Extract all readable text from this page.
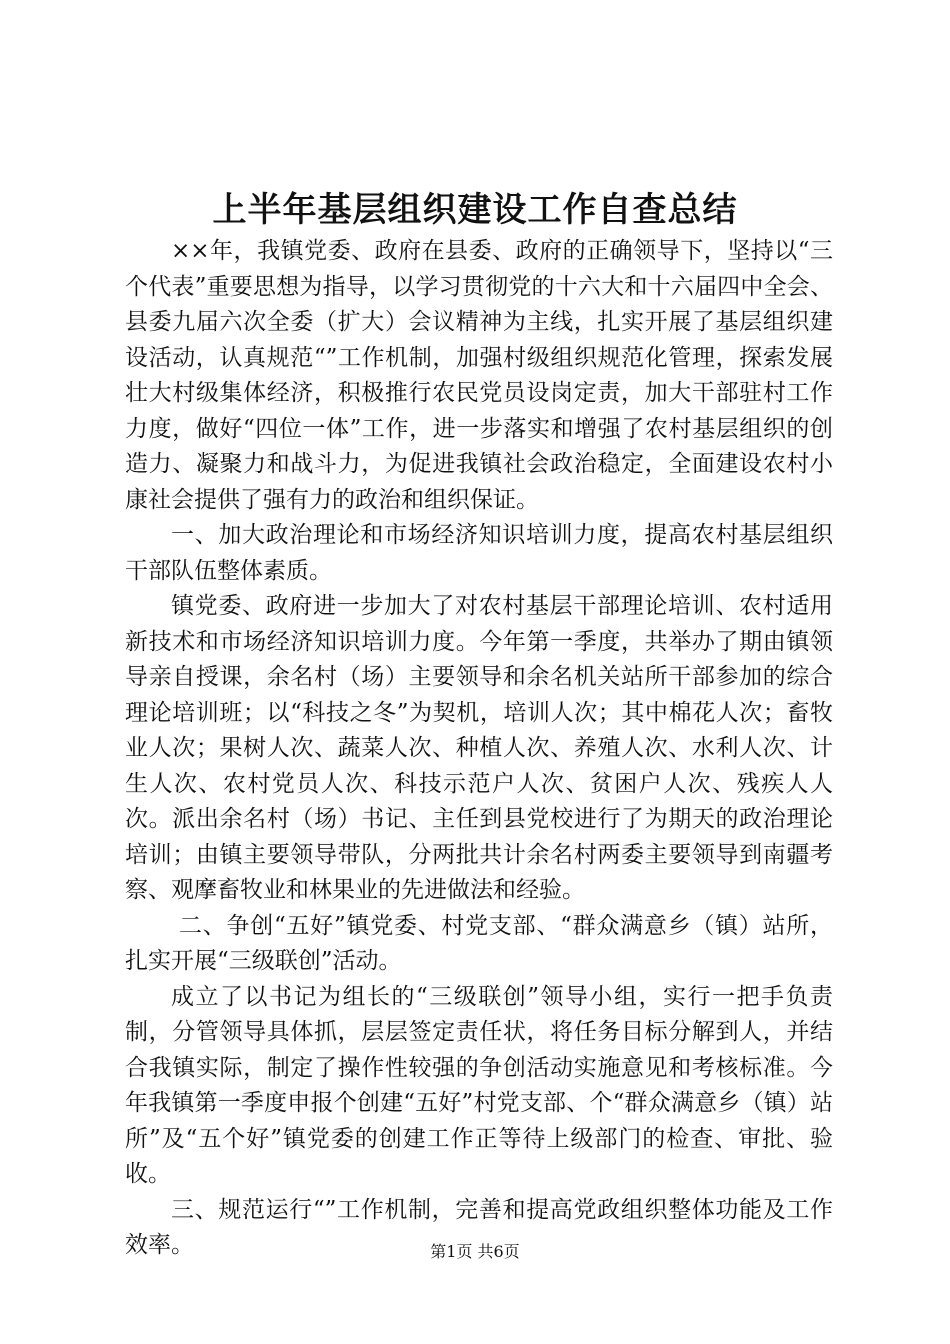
上半年基层组织建设工作自查总结

××年，我镇党委、政府在县委、政府的正确领导下，坚持以“三个代表”重要思想为指导，以学习贯彻党的十六大和十六届四中全会、县委九届六次全委（扩大）会议精神为主线，扎实开展了基层组织建设活动，认真规范“”工作机制，加强村级组织规范化管理，探索发展壮大村级集体经济，积极推行农民党员设岗定责，加大干部驻村工作力度，做好“四位一体”工作，进一步落实和增强了农村基层组织的创造力、凝聚力和战斗力，为促进我镇社会政治稳定，全面建设农村小康社会提供了强有力的政治和组织保证。

一、加大政治理论和市场经济知识培训力度，提高农村基层组织干部队伍整体素质。

镇党委、政府进一步加大了对农村基层干部理论培训、农村适用新技术和市场经济知识培训力度。今年第一季度，共举办了期由镇领导亲自授课，余名村（场）主要领导和余名机关站所干部参加的综合理论培训班；以“科技之冬”为契机，培训人次；其中棉花人次；畜牧业人次；果树人次、蔬菜人次、种植人次、养殖人次、水利人次、计生人次、农村党员人次、科技示范户人次、贫困户人次、残疾人人次。派出余名村（场）书记、主任到县党校进行了为期天的政治理论培训；由镇主要领导带队，分两批共计余名村两委主要领导到南疆考察、观摩畜牧业和林果业的先进做法和经验。

二、争创“五好”镇党委、村党支部、“群众满意乡（镇）站所，扎实开展“三级联创”活动。

成立了以书记为组长的“三级联创”领导小组，实行一把手负责制，分管领导具体抓，层层签定责任状，将任务目标分解到人，并结合我镇实际，制定了操作性较强的争创活动实施意见和考核标准。今年我镇第一季度申报个创建“五好”村党支部、个“群众满意乡（镇）站所”及“五个好”镇党委的创建工作正等待上级部门的检查、审批、验收。

三、规范运行“”工作机制，完善和提高党政组织整体功能及工作效率。	第1页 共6页
